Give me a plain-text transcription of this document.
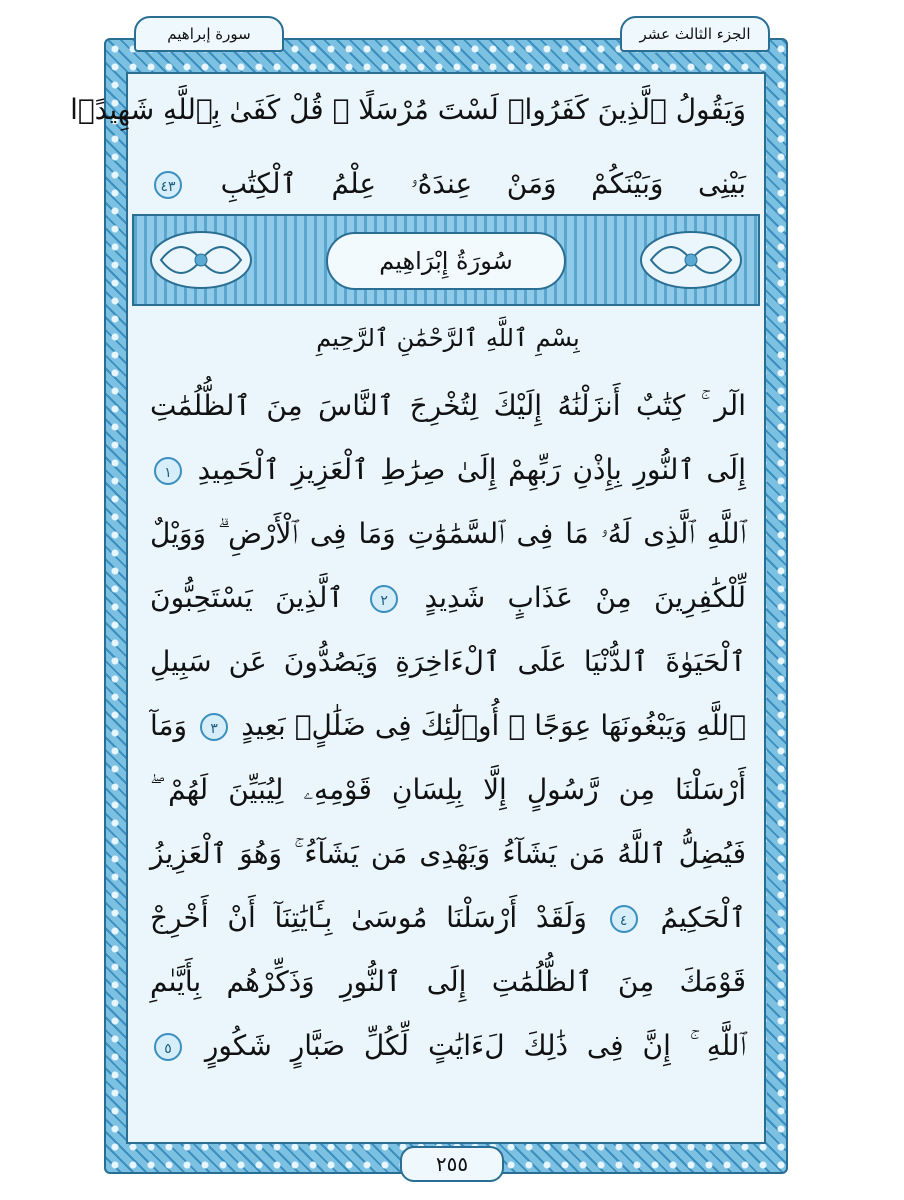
الجزء الثالث عشر
سورة إبراهيم
وَيَقُولُ ٱلَّذِينَ كَفَرُوا۟ لَسْتَ مُرْسَلًا ۚ قُلْ كَفَىٰ بِٱللَّهِ شَهِيدًۢا
بَيْنِى وَبَيْنَكُمْ وَمَنْ عِندَهُۥ عِلْمُ ٱلْكِتَٰبِ ٤٣
سُورَةُ إِبْرَاهِيم
بِسْمِ ٱللَّهِ ٱلرَّحْمَٰنِ ٱلرَّحِيمِ
الٓر ۚ كِتَٰبٌ أَنزَلْنَٰهُ إِلَيْكَ لِتُخْرِجَ ٱلنَّاسَ مِنَ ٱلظُّلُمَٰتِ
إِلَى ٱلنُّورِ بِإِذْنِ رَبِّهِمْ إِلَىٰ صِرَٰطِ ٱلْعَزِيزِ ٱلْحَمِيدِ ١
ٱللَّهِ ٱلَّذِى لَهُۥ مَا فِى ٱلسَّمَٰوَٰتِ وَمَا فِى ٱلْأَرْضِ ۗ وَوَيْلٌ
لِّلْكَٰفِرِينَ مِنْ عَذَابٍ شَدِيدٍ ٢ ٱلَّذِينَ يَسْتَحِبُّونَ
ٱلْحَيَوٰةَ ٱلدُّنْيَا عَلَى ٱلْءَاخِرَةِ وَيَصُدُّونَ عَن سَبِيلِ
ٱللَّهِ وَيَبْغُونَهَا عِوَجًا ۚ أُو۟لَٰٓئِكَ فِى ضَلَٰلٍۭ بَعِيدٍ ٣ وَمَآ
أَرْسَلْنَا مِن رَّسُولٍ إِلَّا بِلِسَانِ قَوْمِهِۦ لِيُبَيِّنَ لَهُمْ ۖ
فَيُضِلُّ ٱللَّهُ مَن يَشَآءُ وَيَهْدِى مَن يَشَآءُ ۚ وَهُوَ ٱلْعَزِيزُ
ٱلْحَكِيمُ ٤ وَلَقَدْ أَرْسَلْنَا مُوسَىٰ بِـَٔايَٰتِنَآ أَنْ أَخْرِجْ
قَوْمَكَ مِنَ ٱلظُّلُمَٰتِ إِلَى ٱلنُّورِ وَذَكِّرْهُم بِأَيَّىٰمِ
ٱللَّهِ ۚ إِنَّ فِى ذَٰلِكَ لَءَايَٰتٍ لِّكُلِّ صَبَّارٍ شَكُورٍ ٥
٢٥٥
